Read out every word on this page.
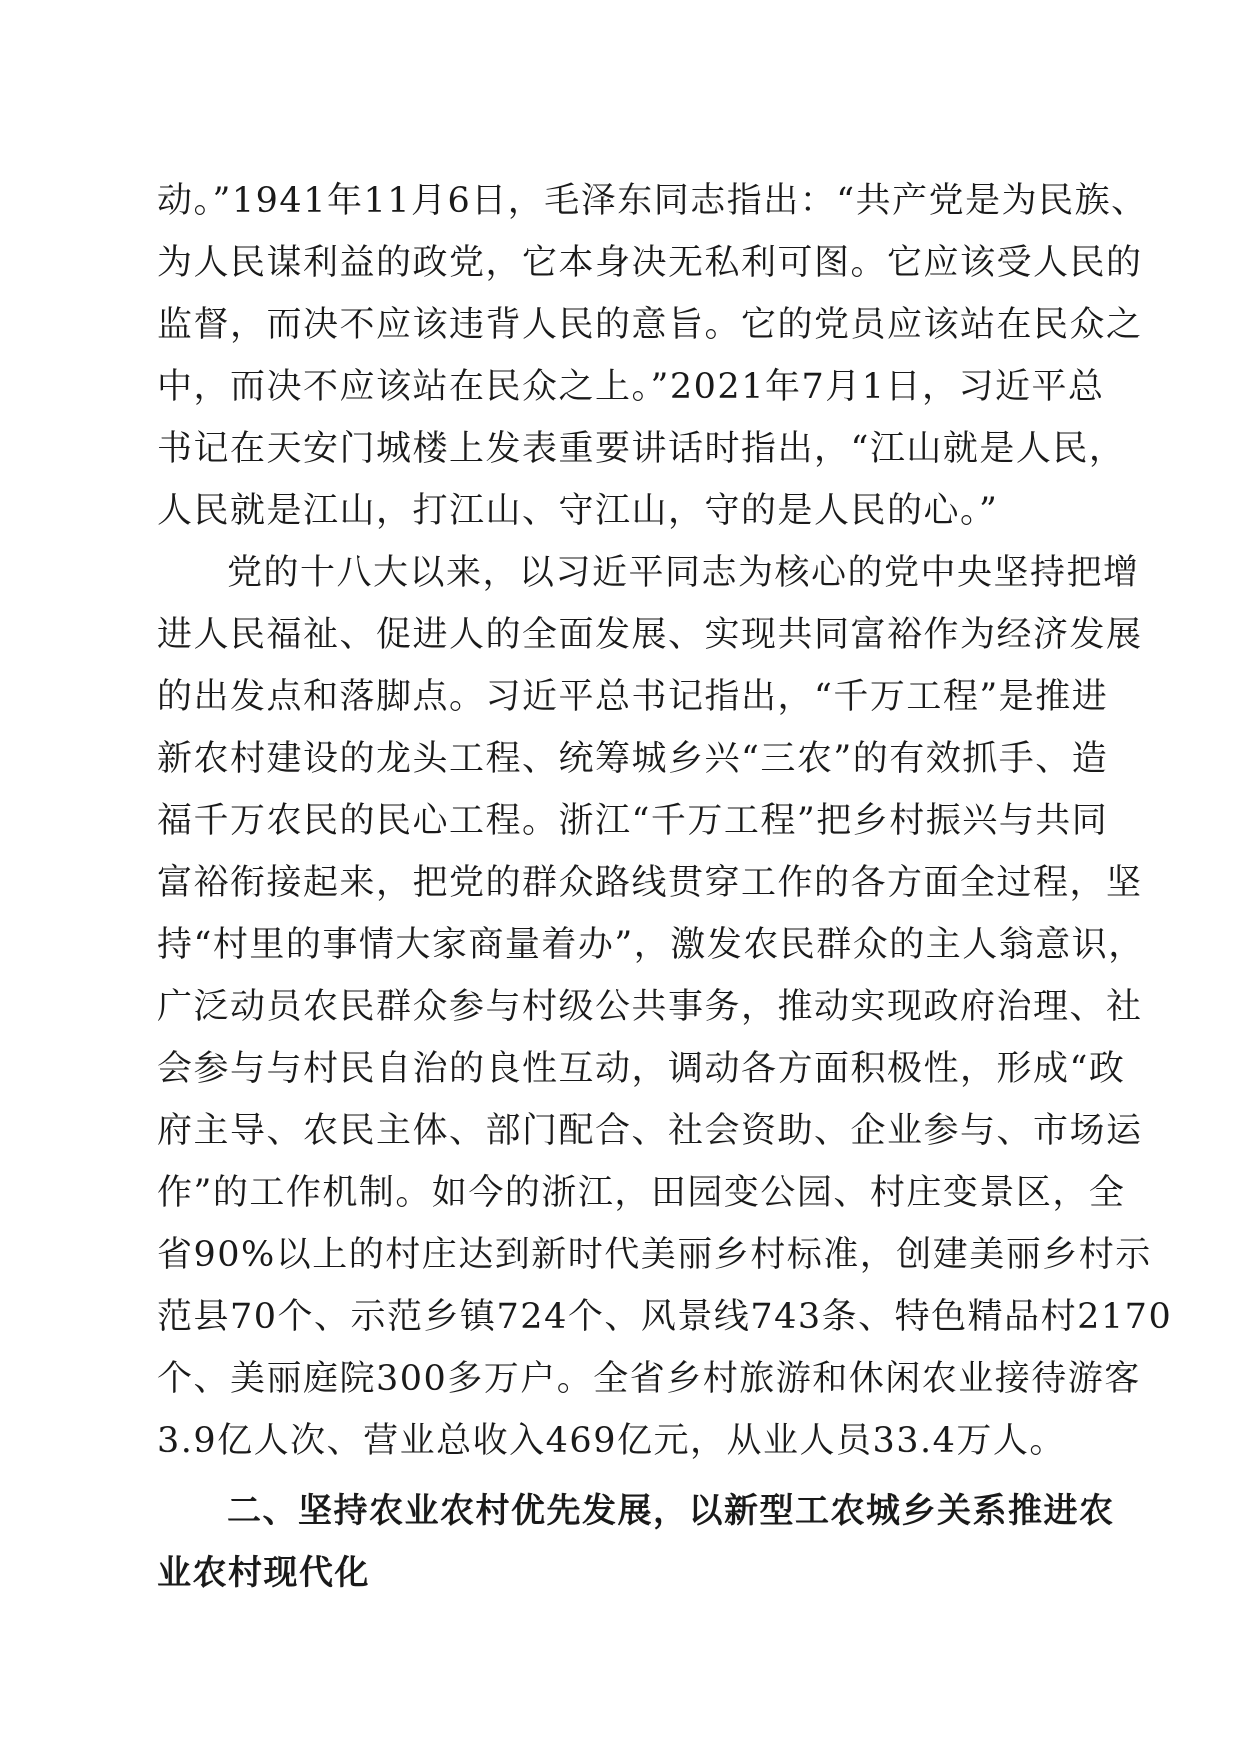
动。”1941年11月6日，毛泽东同志指出：“共产党是为民族、
为人民谋利益的政党，它本身决无私利可图。它应该受人民的
监督，而决不应该违背人民的意旨。它的党员应该站在民众之
中，而决不应该站在民众之上。”2021年7月1日，习近平总
书记在天安门城楼上发表重要讲话时指出，“江山就是人民，
人民就是江山，打江山、守江山，守的是人民的心。”
党的十八大以来，以习近平同志为核心的党中央坚持把增
进人民福祉、促进人的全面发展、实现共同富裕作为经济发展
的出发点和落脚点。习近平总书记指出，“千万工程”是推进
新农村建设的龙头工程、统筹城乡兴“三农”的有效抓手、造
福千万农民的民心工程。浙江“千万工程”把乡村振兴与共同
富裕衔接起来，把党的群众路线贯穿工作的各方面全过程，坚
持“村里的事情大家商量着办”，激发农民群众的主人翁意识，
广泛动员农民群众参与村级公共事务，推动实现政府治理、社
会参与与村民自治的良性互动，调动各方面积极性，形成“政
府主导、农民主体、部门配合、社会资助、企业参与、市场运
作”的工作机制。如今的浙江，田园变公园、村庄变景区，全
省90%以上的村庄达到新时代美丽乡村标准，创建美丽乡村示
范县70个、示范乡镇724个、风景线743条、特色精品村2170
个、美丽庭院300多万户。全省乡村旅游和休闲农业接待游客
3.9亿人次、营业总收入469亿元，从业人员33.4万人。
二、坚持农业农村优先发展，以新型工农城乡关系推进农
业农村现代化
